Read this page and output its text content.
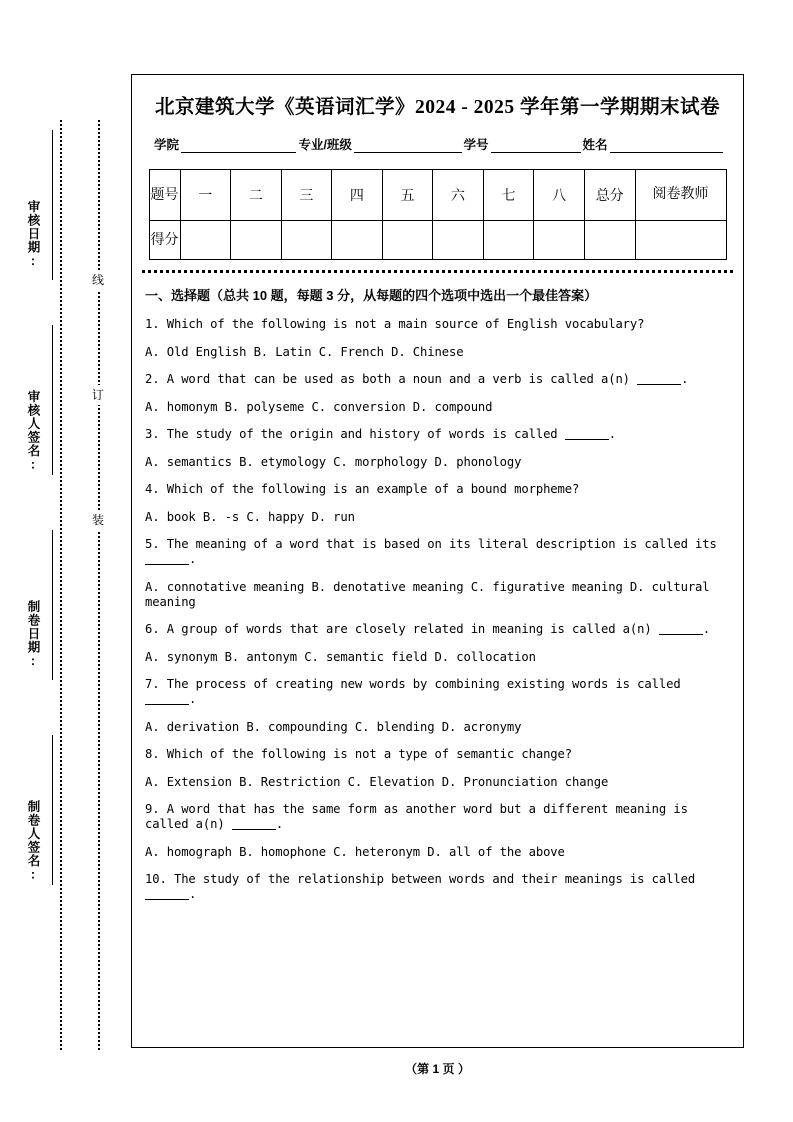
线
订
装
审核日期:
审核人签名:
制卷日期:
制卷人签名:
北京建筑大学《英语词汇学》2024 - 2025 学年第一学期期末试卷
学院	专业/班级	学号	姓名
题号	一	二	三	四	五	六	七	八	总分	阅卷教师
得分										
一、选择题（总共 10 题，每题 3 分，从每题的四个选项中选出一个最佳答案）
1. Which of the following is not a main source of English vocabulary?
A. Old English B. Latin C. French D. Chinese
2. A word that can be used as both a noun and a verb is called a(n)	.
A. homonym B. polyseme C. conversion D. compound
3. The study of the origin and history of words is called	.
A. semantics B. etymology C. morphology D. phonology
4. Which of the following is an example of a bound morpheme?
A. book B. -s C. happy D. run
5. The meaning of a word that is based on its literal description is called its .
A. connotative meaning B. denotative meaning C. figurative meaning D. cultural meaning
6. A group of words that are closely related in meaning is called a(n)	.
A. synonym B. antonym C. semantic field D. collocation
7. The process of creating new words by combining existing words is called .
A. derivation B. compounding C. blending D. acronymy
8. Which of the following is not a type of semantic change?
A. Extension B. Restriction C. Elevation D. Pronunciation change
9. A word that has the same form as another word but a different meaning is called a(n)	.
A. homograph B. homophone C. heteronym D. all of the above
10. The study of the relationship between words and their meanings is called .
（第 1 页 ）
